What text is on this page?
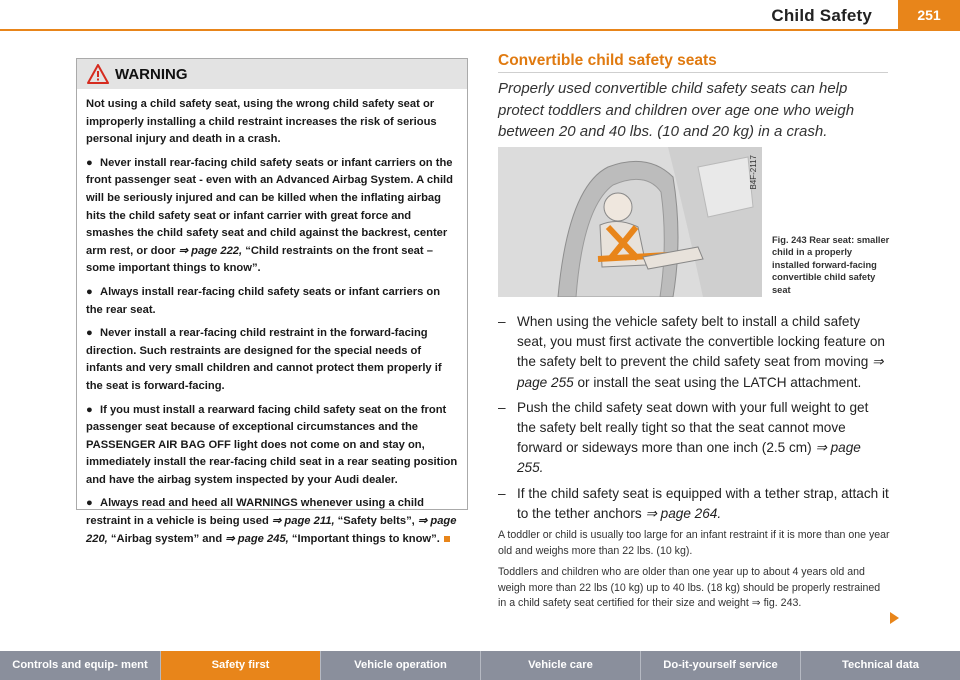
Child Safety	251
WARNING

Not using a child safety seat, using the wrong child safety seat or improperly installing a child restraint increases the risk of serious personal injury and death in a crash.

● Never install rear-facing child safety seats or infant carriers on the front passenger seat - even with an Advanced Airbag System. A child will be seriously injured and can be killed when the inflating airbag hits the child safety seat or infant carrier with great force and smashes the child safety seat and child against the backrest, center arm rest, or door ⇒ page 222, “Child restraints on the front seat – some important things to know”.

● Always install rear-facing child safety seats or infant carriers on the rear seat.

● Never install a rear-facing child restraint in the forward-facing direction. Such restraints are designed for the special needs of infants and very small children and cannot protect them properly if the seat is forward-facing.

● If you must install a rearward facing child safety seat on the front passenger seat because of exceptional circumstances and the PASSENGER AIR BAG OFF light does not come on and stay on, immediately install the rear-facing child seat in a rear seating position and have the airbag system inspected by your Audi dealer.

● Always read and heed all WARNINGS whenever using a child restraint in a vehicle is being used ⇒ page 211, “Safety belts”, ⇒ page 220, “Airbag system” and ⇒ page 245, “Important things to know”.

Convertible child safety seats
Properly used convertible child safety seats can help protect toddlers and children over age one who weigh between 20 and 40 lbs. (10 and 20 kg) in a crash.
B4F-2117
Fig. 243 Rear seat: smaller child in a properly installed forward-facing convertible child safety seat
– When using the vehicle safety belt to install a child safety seat, you must first activate the convertible locking feature on the safety belt to prevent the child safety seat from moving ⇒ page 255 or install the seat using the LATCH attachment.
– Push the child safety seat down with your full weight to get the safety belt really tight so that the seat cannot move forward or sideways more than one inch (2.5 cm) ⇒ page 255.
– If the child safety seat is equipped with a tether strap, attach it to the tether anchors ⇒ page 264.

A toddler or child is usually too large for an infant restraint if it is more than one year old and weighs more than 22 lbs. (10 kg).

Toddlers and children who are older than one year up to about 4 years old and weigh more than 22 lbs (10 kg) up to 40 lbs. (18 kg) should be properly restrained in a child safety seat certified for their size and weight ⇒ fig. 243.

Controls and equip- ment	Safety first	Vehicle operation	Vehicle care	Do-it-yourself service	Technical data
